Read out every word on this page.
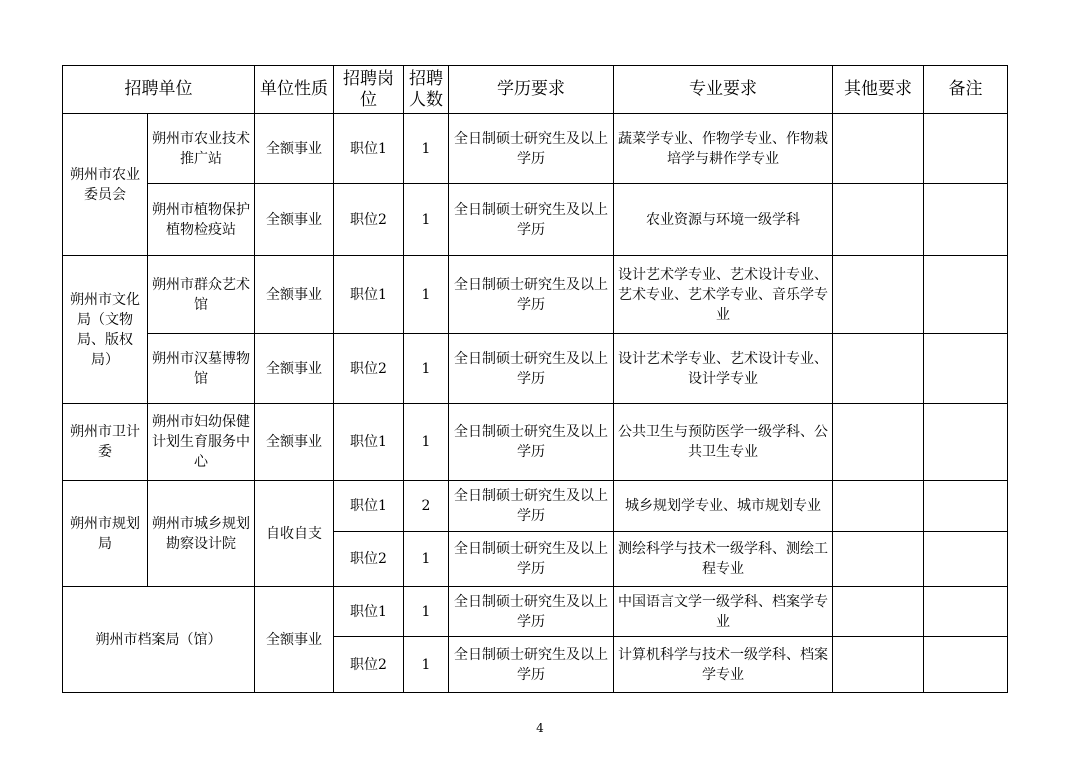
招聘单位		单位性质	招聘岗位	招聘人数	学历要求	专业要求	其他要求	备注
朔州市农业委员会	朔州市农业技术推广站	全额事业	职位1	1	全日制硕士研究生及以上学历	蔬菜学专业、作物学专业、作物栽培学与耕作学专业		
	朔州市植物保护植物检疫站	全额事业	职位2	1	全日制硕士研究生及以上学历	农业资源与环境一级学科		
朔州市文化局（文物局、版权局）	朔州市群众艺术馆	全额事业	职位1	1	全日制硕士研究生及以上学历	设计艺术学专业、艺术设计专业、艺术专业、艺术学专业、音乐学专业		
	朔州市汉墓博物馆	全额事业	职位2	1	全日制硕士研究生及以上学历	设计艺术学专业、艺术设计专业、设计学专业		
朔州市卫计委	朔州市妇幼保健计划生育服务中心	全额事业	职位1	1	全日制硕士研究生及以上学历	公共卫生与预防医学一级学科、公共卫生专业		
朔州市规划局	朔州市城乡规划勘察设计院	自收自支	职位1	2	全日制硕士研究生及以上学历	城乡规划学专业、城市规划专业		
			职位2	1	全日制硕士研究生及以上学历	测绘科学与技术一级学科、测绘工程专业		
朔州市档案局（馆）		全额事业	职位1	1	全日制硕士研究生及以上学历	中国语言文学一级学科、档案学专业		
			职位2	1	全日制硕士研究生及以上学历	计算机科学与技术一级学科、档案学专业		
4
